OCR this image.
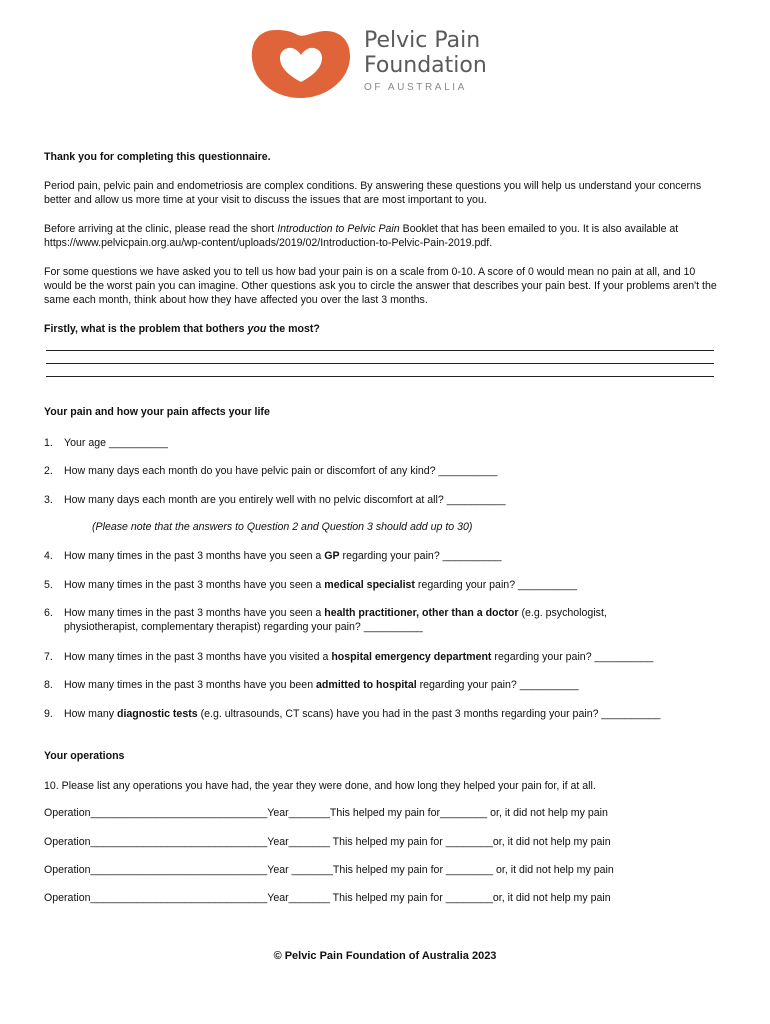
Pelvic Pain
Foundation
OF AUSTRALIA

Thank you for completing this questionnaire.

Period pain, pelvic pain and endometriosis are complex conditions. By answering these questions you will help us understand your concerns better and allow us more time at your visit to discuss the issues that are most important to you.

Before arriving at the clinic, please read the short Introduction to Pelvic Pain Booklet that has been emailed to you. It is also available at https://www.pelvicpain.org.au/wp-content/uploads/2019/02/Introduction-to-Pelvic-Pain-2019.pdf.

For some questions we have asked you to tell us how bad your pain is on a scale from 0-10. A score of 0 would mean no pain at all, and 10 would be the worst pain you can imagine. Other questions ask you to circle the answer that describes your pain best. If your problems aren't the same each month, think about how they have affected you over the last 3 months.

Firstly, what is the problem that bothers you the most?

Your pain and how your pain affects your life
1. Your age __________
2. How many days each month do you have pelvic pain or discomfort of any kind? __________
3. How many days each month are you entirely well with no pelvic discomfort at all? __________
(Please note that the answers to Question 2 and Question 3 should add up to 30)
4. How many times in the past 3 months have you seen a GP regarding your pain? __________
5. How many times in the past 3 months have you seen a medical specialist regarding your pain? __________
6. How many times in the past 3 months have you seen a health practitioner, other than a doctor (e.g. psychologist,
physiotherapist, complementary therapist) regarding your pain? __________
7. How many times in the past 3 months have you visited a hospital emergency department regarding your pain? __________
8. How many times in the past 3 months have you been admitted to hospital regarding your pain? __________
9. How many diagnostic tests (e.g. ultrasounds, CT scans) have you had in the past 3 months regarding your pain? __________
Your operations
10. Please list any operations you have had, the year they were done, and how long they helped your pain for, if at all.
Operation______________________________Year_______This helped my pain for________ or, it did not help my pain
Operation______________________________Year_______ This helped my pain for ________or, it did not help my pain
Operation______________________________Year _______This helped my pain for ________ or, it did not help my pain
Operation______________________________Year_______ This helped my pain for ________or, it did not help my pain
© Pelvic Pain Foundation of Australia 2023
